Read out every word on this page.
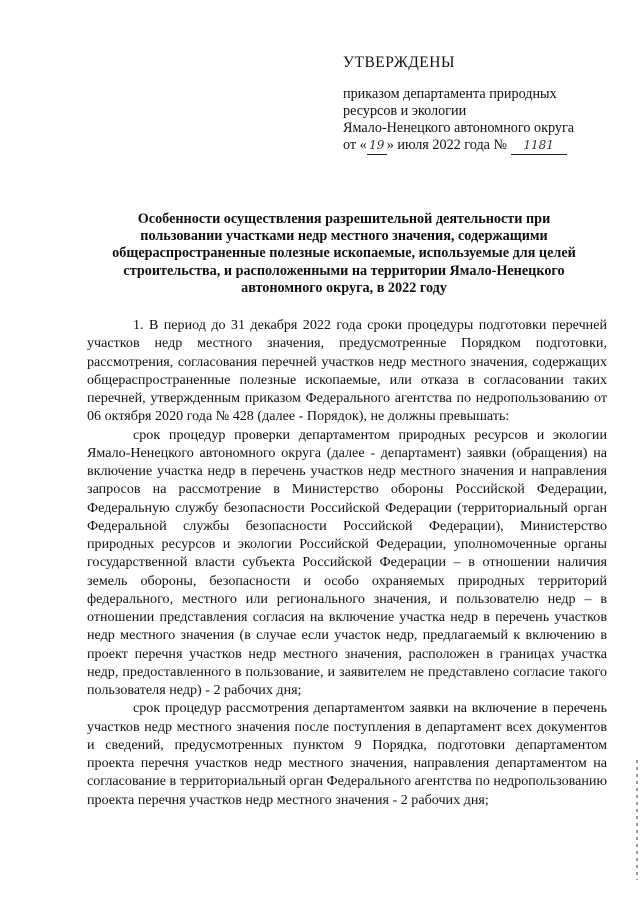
УТВЕРЖДЕНЫ
приказом департамента природных
ресурсов и экологии
Ямало-Ненецкого автономного округа
от « 19 » июля 2022 года № 1181
Особенности осуществления разрешительной деятельности при пользовании участками недр местного значения, содержащими общераспространенные полезные ископаемые, используемые для целей строительства, и расположенными на территории Ямало-Ненецкого автономного округа, в 2022 году

1. В период до 31 декабря 2022 года сроки процедуры подготовки перечней участков недр местного значения, предусмотренные Порядком подготовки, рассмотрения, согласования перечней участков недр местного значения, содержащих общераспространенные полезные ископаемые, или отказа в согласовании таких перечней, утвержденным приказом Федерального агентства по недропользованию от 06 октября 2020 года № 428 (далее - Порядок), не должны превышать:

срок процедур проверки департаментом природных ресурсов и экологии Ямало-Ненецкого автономного округа (далее - департамент) заявки (обращения) на включение участка недр в перечень участков недр местного значения и направления запросов на рассмотрение в Министерство обороны Российской Федерации, Федеральную службу безопасности Российской Федерации (территориальный орган Федеральной службы безопасности Российской Федерации), Министерство природных ресурсов и экологии Российской Федерации, уполномоченные органы государственной власти субъекта Российской Федерации – в отношении наличия земель обороны, безопасности и особо охраняемых природных территорий федерального, местного или регионального значения, и пользователю недр – в отношении представления согласия на включение участка недр в перечень участков недр местного значения (в случае если участок недр, предлагаемый к включению в проект перечня участков недр местного значения, расположен в границах участка недр, предоставленного в пользование, и заявителем не представлено согласие такого пользователя недр) - 2 рабочих дня;

срок процедур рассмотрения департаментом заявки на включение в перечень участков недр местного значения после поступления в департамент всех документов и сведений, предусмотренных пунктом 9 Порядка, подготовки департаментом проекта перечня участков недр местного значения, направления департаментом на согласование в территориальный орган Федерального агентства по недропользованию проекта перечня участков недр местного значения - 2 рабочих дня;
